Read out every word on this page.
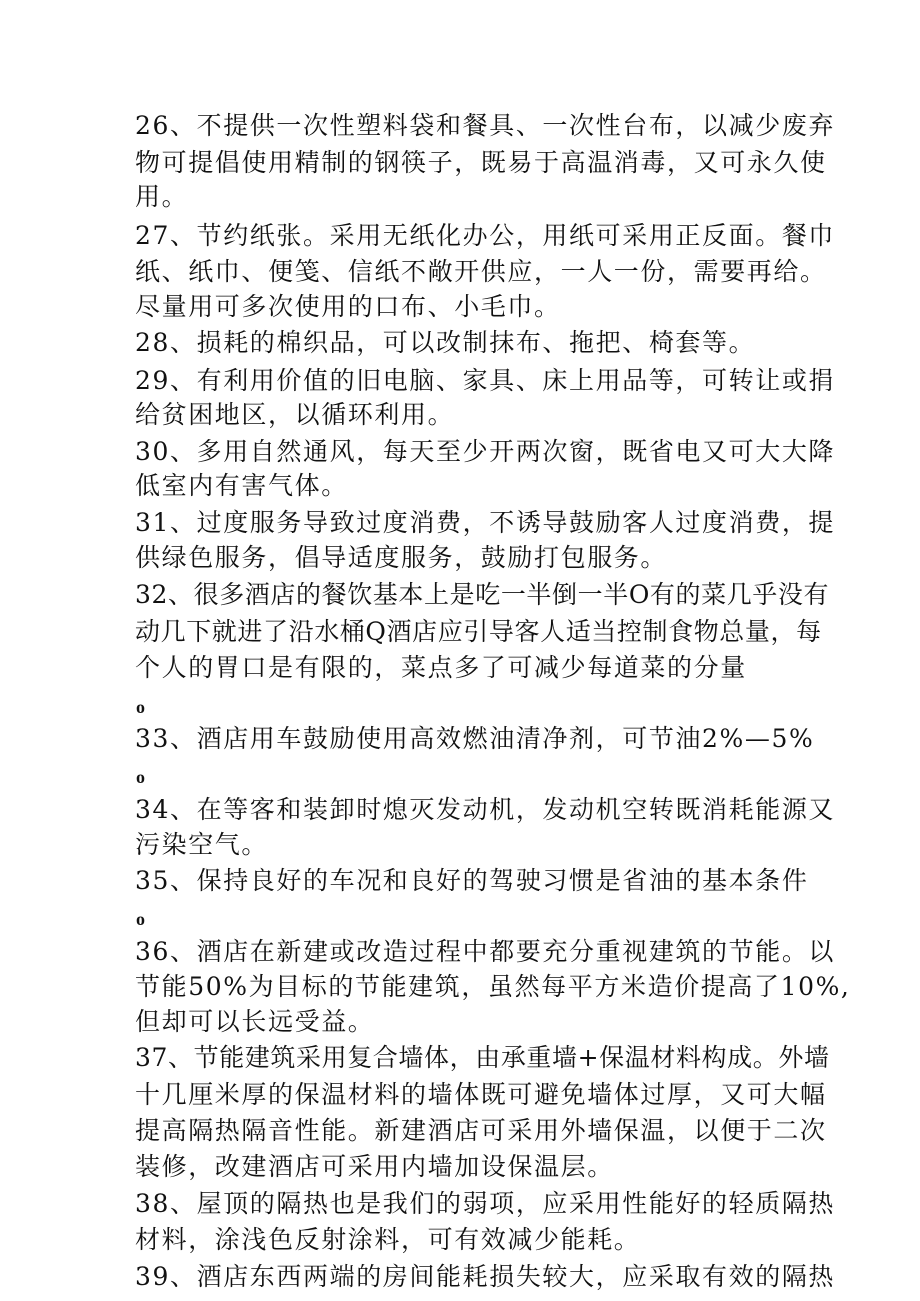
26、不提供一次性塑料袋和餐具、一次性台布，以减少废弃
物可提倡使用精制的钢筷子，既易于高温消毒，又可永久使
用。
27、节约纸张。采用无纸化办公，用纸可采用正反面。餐巾
纸、纸巾、便笺、信纸不敞开供应，一人一份，需要再给。
尽量用可多次使用的口布、小毛巾。
28、损耗的棉织品，可以改制抹布、拖把、椅套等。
29、有利用价值的旧电脑、家具、床上用品等，可转让或捐
给贫困地区，以循环利用。
30、多用自然通风，每天至少开两次窗，既省电又可大大降
低室内有害气体。
31、过度服务导致过度消费，不诱导鼓励客人过度消费，提
供绿色服务，倡导适度服务，鼓励打包服务。
32、很多酒店的餐饮基本上是吃一半倒一半O有的菜几乎没有
动几下就进了沿水桶Q酒店应引导客人适当控制食物总量，每
个人的胃口是有限的，菜点多了可减少每道菜的分量
o
33、酒店用车鼓励使用高效燃油清净剂，可节油2%—5%
o
34、在等客和装卸时熄灭发动机，发动机空转既消耗能源又
污染空气。
35、保持良好的车况和良好的驾驶习惯是省油的基本条件
o
36、酒店在新建或改造过程中都要充分重视建筑的节能。以
节能50%为目标的节能建筑，虽然每平方米造价提高了10%,
但却可以长远受益。
37、节能建筑采用复合墙体，由承重墙+保温材料构成。外墙
十几厘米厚的保温材料的墙体既可避免墙体过厚，又可大幅
提高隔热隔音性能。新建酒店可采用外墙保温，以便于二次
装修，改建酒店可采用内墙加设保温层。
38、屋顶的隔热也是我们的弱项，应采用性能好的轻质隔热
材料，涂浅色反射涂料，可有效减少能耗。
39、酒店东西两端的房间能耗损失较大，应采取有效的隔热
